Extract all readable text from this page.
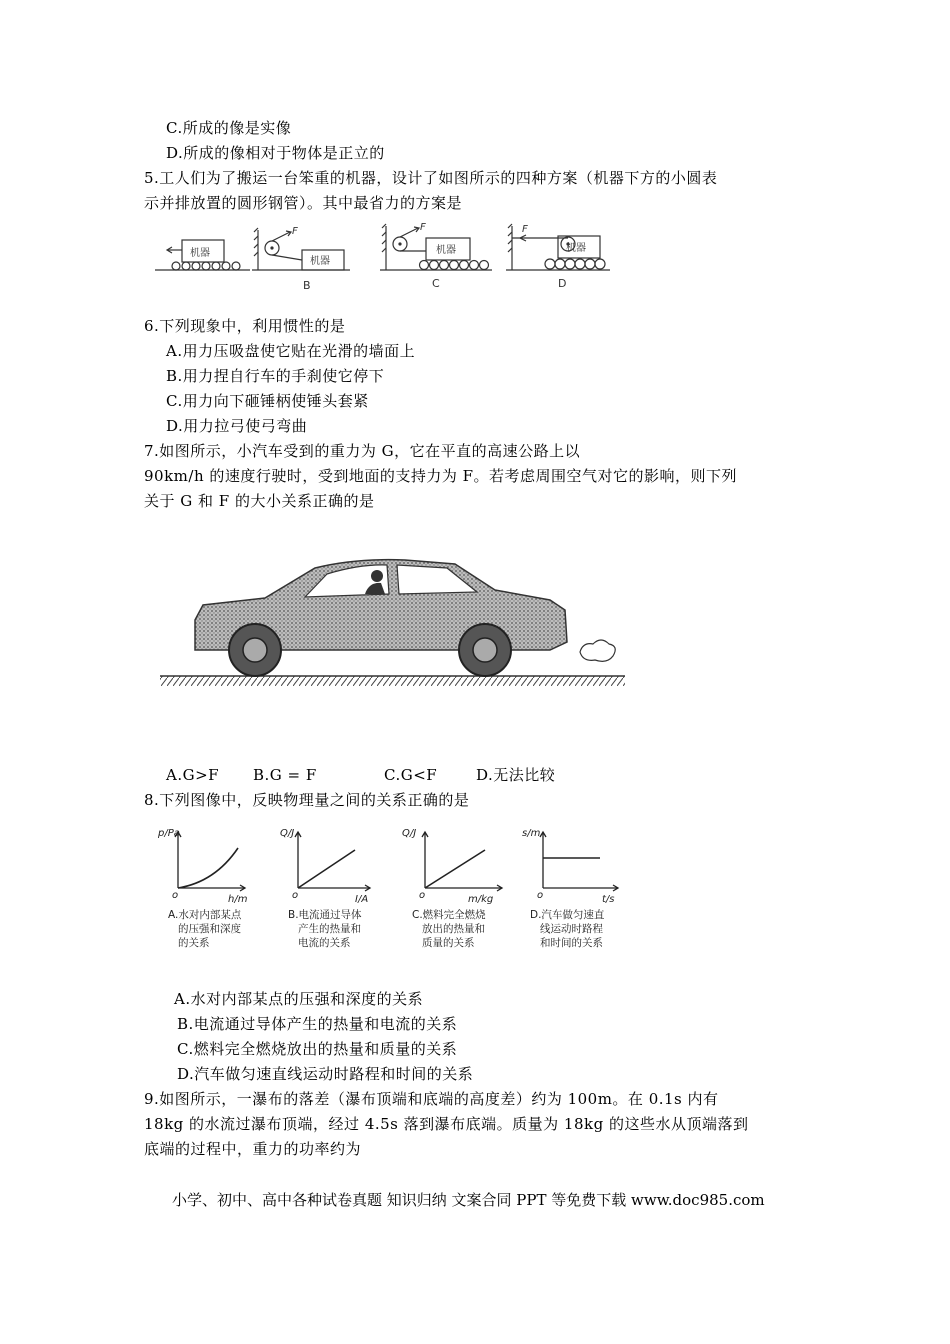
C.所成的像是实像
D.所成的像相对于物体是正立的
5.工人们为了搬运一台笨重的机器，设计了如图所示的四种方案（机器下方的小圆表
示并排放置的圆形钢管）。其中最省力的方案是
机器
机器
机器	机器
F	F	F
B	C	D
6.下列现象中，利用惯性的是
A.用力压吸盘使它贴在光滑的墙面上
B.用力捏自行车的手刹使它停下
C.用力向下砸锤柄使锤头套紧
D.用力拉弓使弓弯曲
7.如图所示，小汽车受到的重力为 G，它在平直的高速公路上以
90km/h 的速度行驶时，受到地面的支持力为 F。若考虑周围空气对它的影响，则下列
关于 G 和 F 的大小关系正确的是
A.G>F B.G = F	C.G<F	D.无法比较
8.下列图像中，反映物理量之间的关系正确的是
p/Pa
h/m
o
Q/J
I/A
o
Q/J
m/kg
o
s/m
t/s
o
A.水对内部某点
的压强和深度
的关系
B.电流通过导体
产生的热量和
电流的关系
C.燃料完全燃烧
放出的热量和
质量的关系
D.汽车做匀速直
线运动时路程
和时间的关系
A.水对内部某点的压强和深度的关系
B.电流通过导体产生的热量和电流的关系
C.燃料完全燃烧放出的热量和质量的关系
D.汽车做匀速直线运动时路程和时间的关系
9.如图所示，一瀑布的落差（瀑布顶端和底端的高度差）约为 100m。在 0.1s 内有
18kg 的水流过瀑布顶端，经过 4.5s 落到瀑布底端。质量为 18kg 的这些水从顶端落到
底端的过程中，重力的功率约为
小学、初中、高中各种试卷真题 知识归纳 文案合同 PPT 等免费下载 www.doc985.com
